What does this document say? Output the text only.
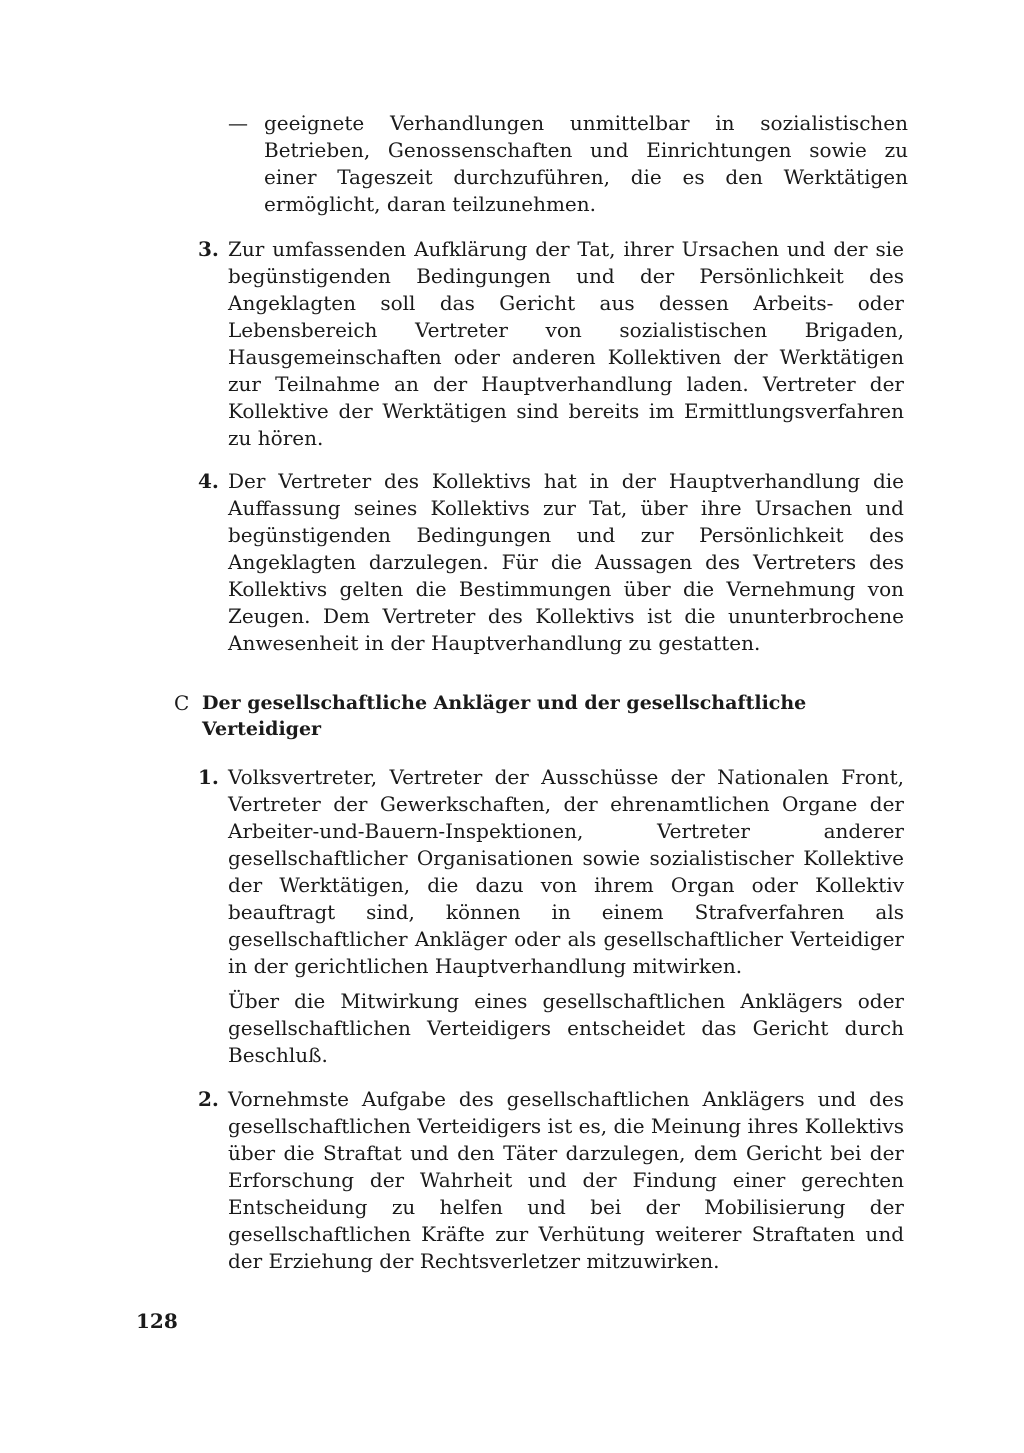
— geeignete Verhandlungen unmittelbar in sozialistischen Betrieben, Genossenschaften und Einrichtungen sowie zu einer Tageszeit durchzuführen, die es den Werktätigen ermöglicht, daran teilzunehmen.

3. Zur umfassenden Aufklärung der Tat, ihrer Ursachen und der sie begünstigenden Bedingungen und der Persönlichkeit des Angeklagten soll das Gericht aus dessen Arbeits- oder Lebensbereich Vertreter von sozialistischen Brigaden, Hausgemeinschaften oder anderen Kollektiven der Werktätigen zur Teilnahme an der Hauptverhandlung laden. Vertreter der Kollektive der Werktätigen sind bereits im Ermittlungsverfahren zu hören.

4. Der Vertreter des Kollektivs hat in der Hauptverhandlung die Auffassung seines Kollektivs zur Tat, über ihre Ursachen und begünstigenden Bedingungen und zur Persönlichkeit des Angeklagten darzulegen. Für die Aussagen des Vertreters des Kollektivs gelten die Bestimmungen über die Vernehmung von Zeugen. Dem Vertreter des Kollektivs ist die ununterbrochene Anwesenheit in der Hauptverhandlung zu gestatten.

C Der gesellschaftliche Ankläger und der gesellschaftliche Verteidiger
1. Volksvertreter, Vertreter der Ausschüsse der Nationalen Front, Vertreter der Gewerkschaften, der ehrenamtlichen Organe der Arbeiter-und-Bauern-Inspektionen, Vertreter anderer gesellschaftlicher Organisationen sowie sozialistischer Kollektive der Werktätigen, die dazu von ihrem Organ oder Kollektiv beauftragt sind, können in einem Strafverfahren als gesellschaftlicher Ankläger oder als gesellschaftlicher Verteidiger in der gerichtlichen Hauptverhandlung mitwirken.

Über die Mitwirkung eines gesellschaftlichen Anklägers oder gesellschaftlichen Verteidigers entscheidet das Gericht durch Beschluß.

2. Vornehmste Aufgabe des gesellschaftlichen Anklägers und des gesellschaftlichen Verteidigers ist es, die Meinung ihres Kollektivs über die Straftat und den Täter darzulegen, dem Gericht bei der Erforschung der Wahrheit und der Findung einer gerechten Entscheidung zu helfen und bei der Mobilisierung der gesellschaftlichen Kräfte zur Verhütung weiterer Straftaten und der Erziehung der Rechtsverletzer mitzuwirken.

128
